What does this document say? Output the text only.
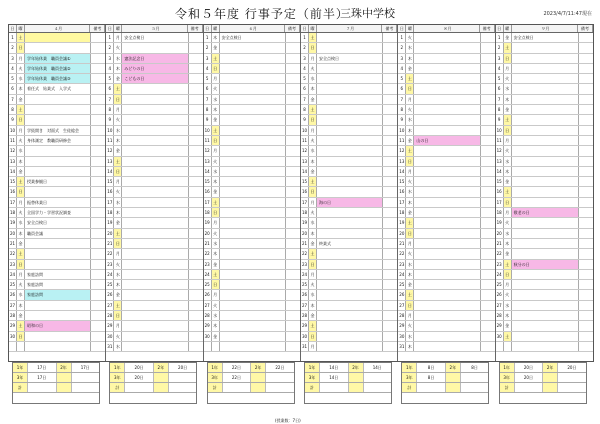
令和５年度 行事予定（前半）
三珠中学校	2023/4/7/11:47現在
日	曜	４月	備考
1	土
2	日
3	月	学年始休業　職員会議①
4	火	学年始休業　職員会議②
5	水	学年始休業　職員会議③
6	木	着任式　始業式　入学式
7	金
8	土
9	日
10 月	学級開き　対面式　生徒総会
11 火	身体測定　教職員研修会
12 水
13 木
14 金
15 土	授業参観日
16 日
17 月	振替休業日
18 火	全国学力・学習状況調査
19 水	安全点検日
20 木	職員会議
21 金
22 土
23 日
24 月	家庭訪問
25 火	家庭訪問
26 水	家庭訪問
27 木
28 金
29 土	昭和の日
30 日
日	曜	５月	備考
1	月	安全点検日
2	火
3	水	憲法記念日
4	木	みどりの日
5	金	こどもの日
6	土
7	日
8	月
9	火
10 水
11 木
12 金
13 土
14 日
15 月
16 火
17 水
18 木
19 金
20 土
21 日
22 月
23 火
24 水
25 木
26 金
27 土
28 日
29 月
30 火
31 水
日	曜	６月	備考
1	木	安全点検日
2	金
3	土
4	日
5	月
6	火
7	水
8	木
9	金
10 土
11 日
12 月
13 火
14 水
15 木
16 金
17 土
18 日
19 月
20 火
21 水
22 木
23 金
24 土
25 日
26 月
27 火
28 水
29 木
30 金
日	曜	７月	備考
1	土
2	日
3	月	安全点検日
4	火
5	水
6	木
7	金
8	土
9	日
10 月
11 火
12 水
13 木
14 金
15 土
16 日
17 月	海の日
18 火
19 水
20 木
21 金	終業式
22 土
23 日
24 月
25 火
26 水
27 木
28 金
29 土
30 日
31 月
日	曜	８月	備考
1	火
2	水
3	木
4	金
5	土
6	日
7	月
8	火
9	水
10 木
11 金	山の日
12 土
13 日
14 月
15 火
16 水
17 木
18 金
19 土
20 日
21 月
22 火
23 水
24 木
25 金
26 土
27 日
28 月
29 火
30 水
31 木
日	曜	９月	備考
1	金	安全点検日
2	土
3	日
4	月
5	火
6	水
7	木
8	金
9	土
10 日
11 月
12 火
13 水
14 木
15 金
16 土
17 日
18 月	敬老の日
19 火
20 水
21 木
22 金
23 土	秋分の日
24 日
25 月
26 火
27 水
28 木
29 金
30 土
1年	17日	2年	17日
3年	17日
計
1年	20日	2年	20日
3年	20日
計
1年	22日	2年	22日
3年	22日
計
1年	14日	2年	14日
3年	14日
計
1年	8日	2年	8日
3年	8日
計
1年	20日	2年	20日
3年	20日
計
(授業数：7日)
